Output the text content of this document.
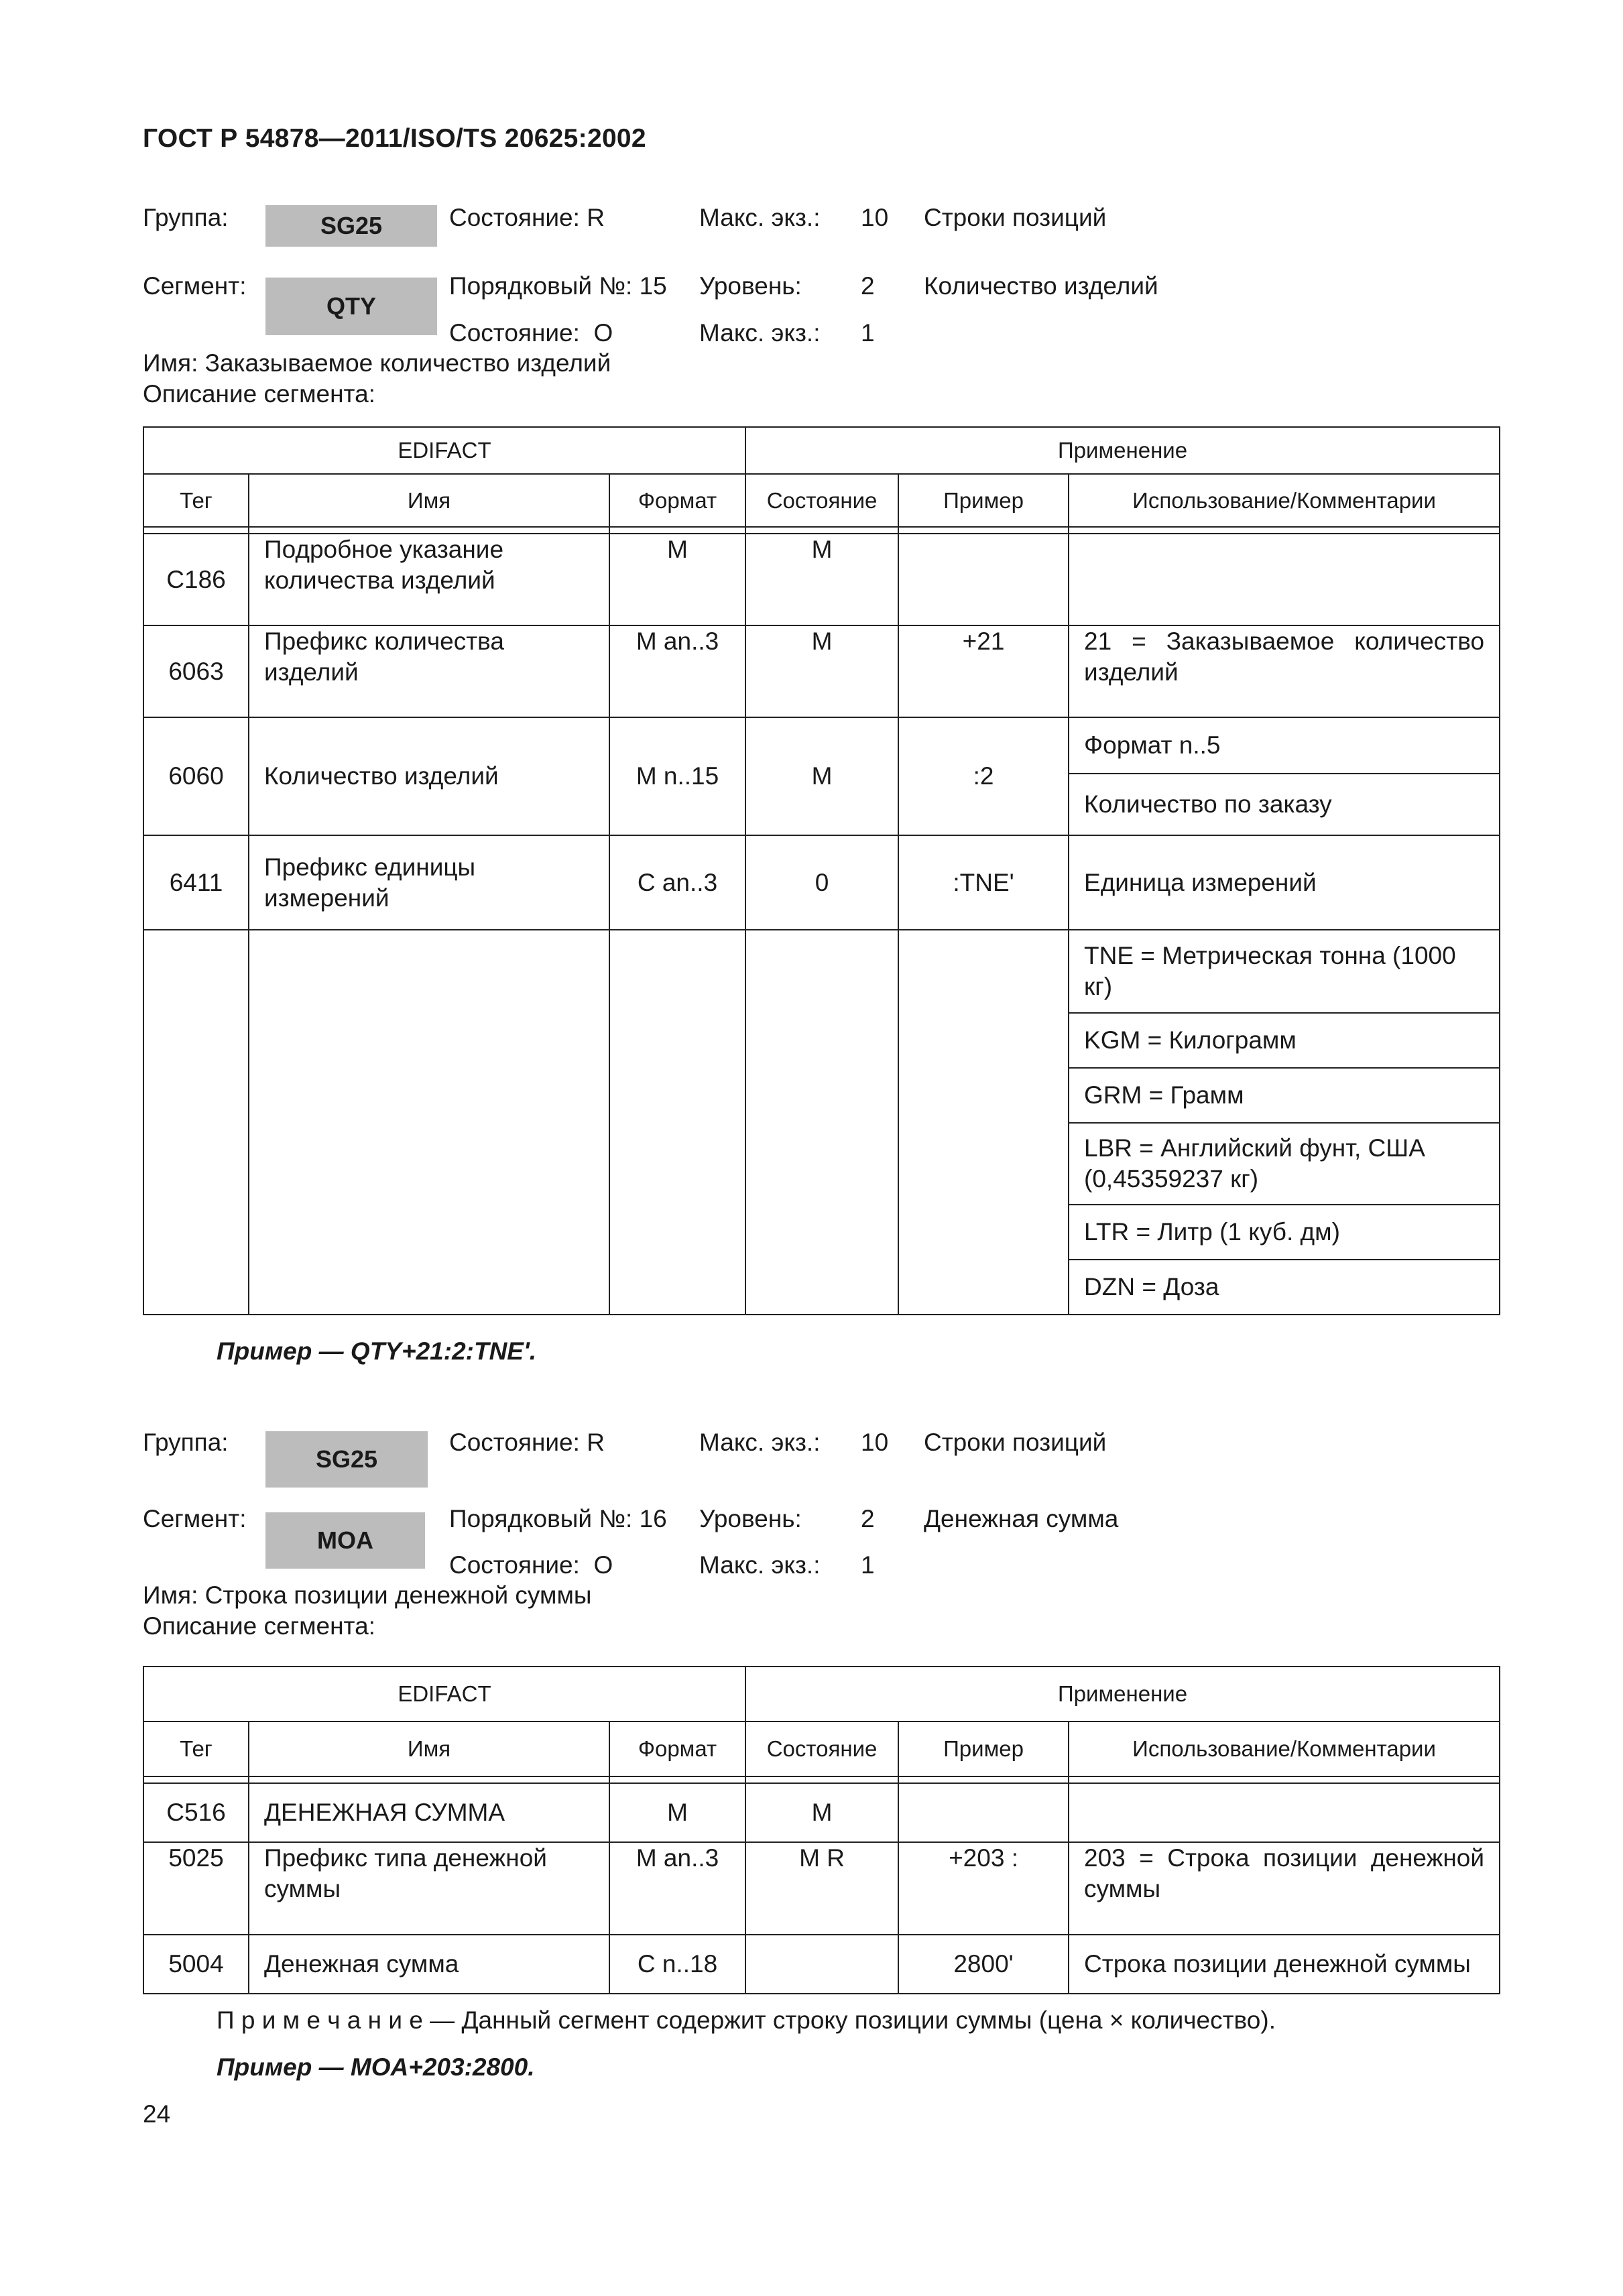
ГОСТ Р 54878—2011/ISO/TS 20625:2002
Группа:	SG25	Состояние: R	Макс. экз.: 10 Строки позиций
Сегмент:
QTY
Порядковый №: 15 Уровень: 2 Количество изделий
Состояние: O	Макс. экз.: 1
Имя: Заказываемое количество изделий
Описание сегмента:
EDIFACT			Применение		
Тег	Имя	Формат	Состояние	Пример	Использование/Комментарии

C186	Подробное указание количества изделий	M	M		
6063	Префикс количества изделий	M an..3	M	+21	21 = Заказываемое количество изделий
6060	Количество изделий	M n..15	M	:2	Формат n..5
					Количество по заказу
6411	Префикс единицы измерений	C an..3	0	:TNE'	Единица измерений
					TNE = Метрическая тонна (1000 кг)
					KGM = Килограмм
					GRM = Грамм
					LBR = Английский фунт, США (0,45359237 кг)
					LTR = Литр (1 куб. дм)
					DZN = Доза
Пример — QTY+21:2:TNE'.
Группа:
SG25
Состояние: R	Макс. экз.: 10 Строки позиций
Сегмент:
MOA
Порядковый №: 16 Уровень: 2 Денежная сумма
Состояние: O	Макс. экз.: 1
Имя: Строка позиции денежной суммы
Описание сегмента:
EDIFACT			Применение		
Тег	Имя	Формат	Состояние	Пример	Использование/Комментарии

C516	ДЕНЕЖНАЯ СУММА	M	M		
5025	Префикс типа денежной суммы	M an..3	M R	+203 :	203 = Строка позиции денежной суммы
5004	Денежная сумма	C n..18		2800'	Строка позиции денежной суммы
П р и м е ч а н и е — Данный сегмент содержит строку позиции суммы (цена × количество).
Пример — MOA+203:2800.
24
